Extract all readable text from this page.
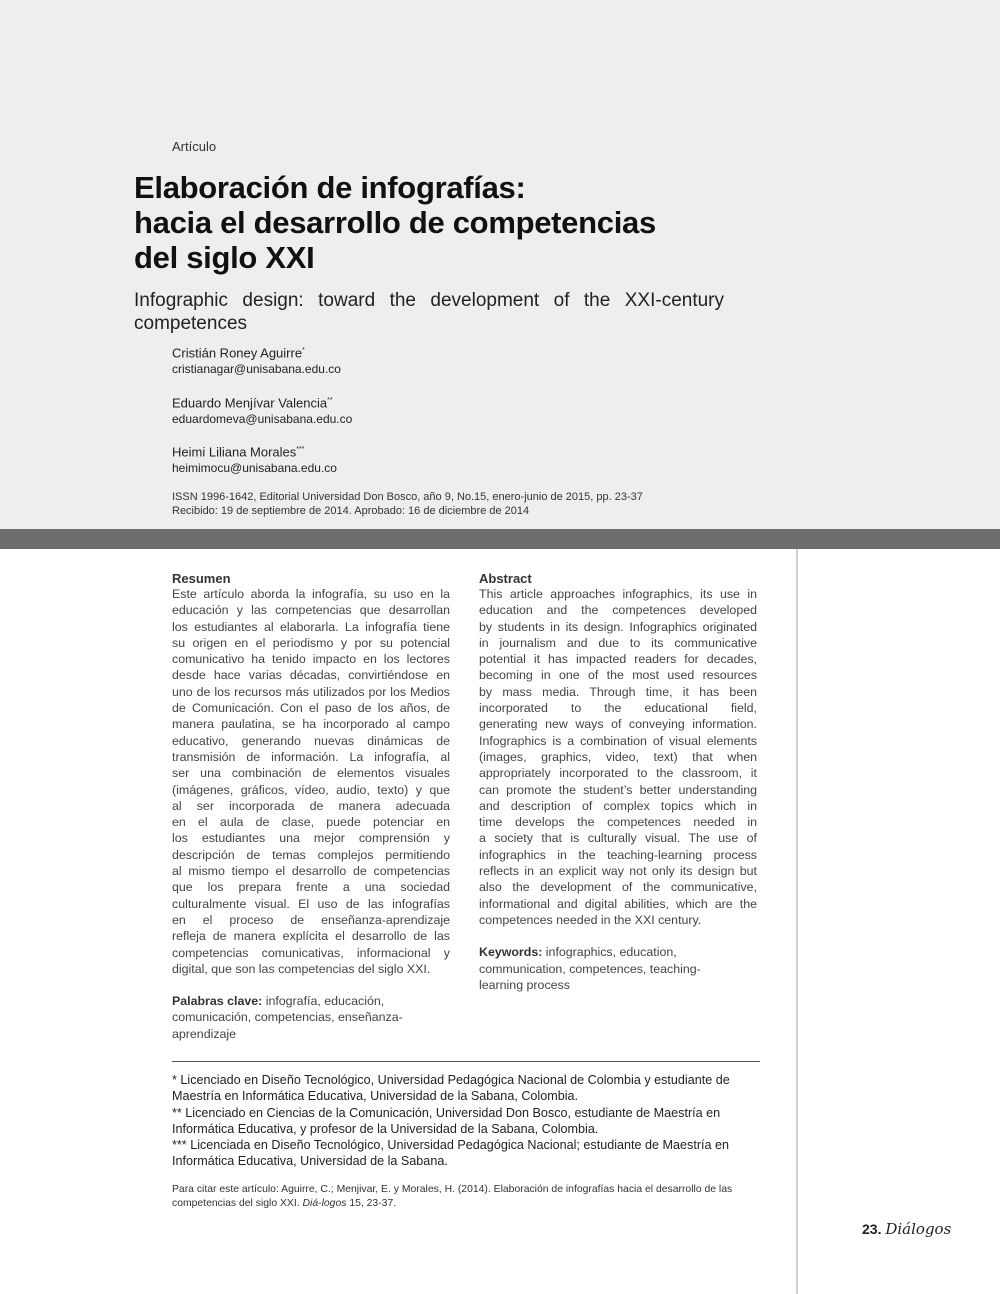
Artículo
Elaboración de infografías:
hacia el desarrollo de competencias
del siglo XXI
Infographic design: toward the development of the XXI-century competences
Cristián Roney Aguirre*
cristianagar@unisabana.edu.co
Eduardo Menjívar Valencia**
eduardomeva@unisabana.edu.co
Heimi Liliana Morales***
heimimocu@unisabana.edu.co
ISSN 1996-1642, Editorial Universidad Don Bosco, año 9, No.15, enero-junio de 2015, pp. 23-37
Recibido: 19 de septiembre de 2014. Aprobado: 16 de diciembre de 2014
Resumen
Este artículo aborda la infografía, su uso en la
educación y las competencias que desarrollan
los estudiantes al elaborarla. La infografía tiene
su origen en el periodismo y por su potencial
comunicativo ha tenido impacto en los lectores
desde hace varias décadas, convirtiéndose en
uno de los recursos más utilizados por los Medios
de Comunicación. Con el paso de los años, de
manera paulatina, se ha incorporado al campo
educativo, generando nuevas dinámicas de
transmisión de información. La infografía, al
ser una combinación de elementos visuales
(imágenes, gráficos, vídeo, audio, texto) y que
al ser incorporada de manera adecuada
en el aula de clase, puede potenciar en
los estudiantes una mejor comprensión y
descripción de temas complejos permitiendo
al mismo tiempo el desarrollo de competencias
que los prepara frente a una sociedad
culturalmente visual. El uso de las infografías
en el proceso de enseñanza-aprendizaje
refleja de manera explícita el desarrollo de las
competencias comunicativas, informacional y
digital, que son las competencias del siglo XXI.
Palabras clave: infografía, educación,
comunicación, competencias, enseñanza-
aprendizaje
Abstract
This article approaches infographics, its use in
education and the competences developed
by students in its design. Infographics originated
in journalism and due to its communicative
potential it has impacted readers for decades,
becoming in one of the most used resources
by mass media. Through time, it has been
incorporated to the educational field,
generating new ways of conveying information.
Infographics is a combination of visual elements
(images, graphics, video, text) that when
appropriately incorporated to the classroom, it
can promote the student’s better understanding
and description of complex topics which in
time develops the competences needed in
a society that is culturally visual. The use of
infographics in the teaching-learning process
reflects in an explicit way not only its design but
also the development of the communicative,
informational and digital abilities, which are the
competences needed in the XXI century.
Keywords: infographics, education,
communication, competences, teaching-
learning process
* Licenciado en Diseño Tecnológico, Universidad Pedagógica Nacional de Colombia y estudiante de Maestría en Informática Educativa, Universidad de la Sabana, Colombia.
** Licenciado en Ciencias de la Comunicación, Universidad Don Bosco, estudiante de Maestría en Informática Educativa, y profesor de la Universidad de la Sabana, Colombia.
*** Licenciada en Diseño Tecnológico, Universidad Pedagógica Nacional; estudiante de Maestría en Informática Educativa, Universidad de la Sabana.
Para citar este artículo: Aguirre, C.; Menjivar, E. y Morales, H. (2014). Elaboración de infografías hacia el desarrollo de las competencias del siglo XXI. Diá-logos 15, 23-37.
23. Diálogos
